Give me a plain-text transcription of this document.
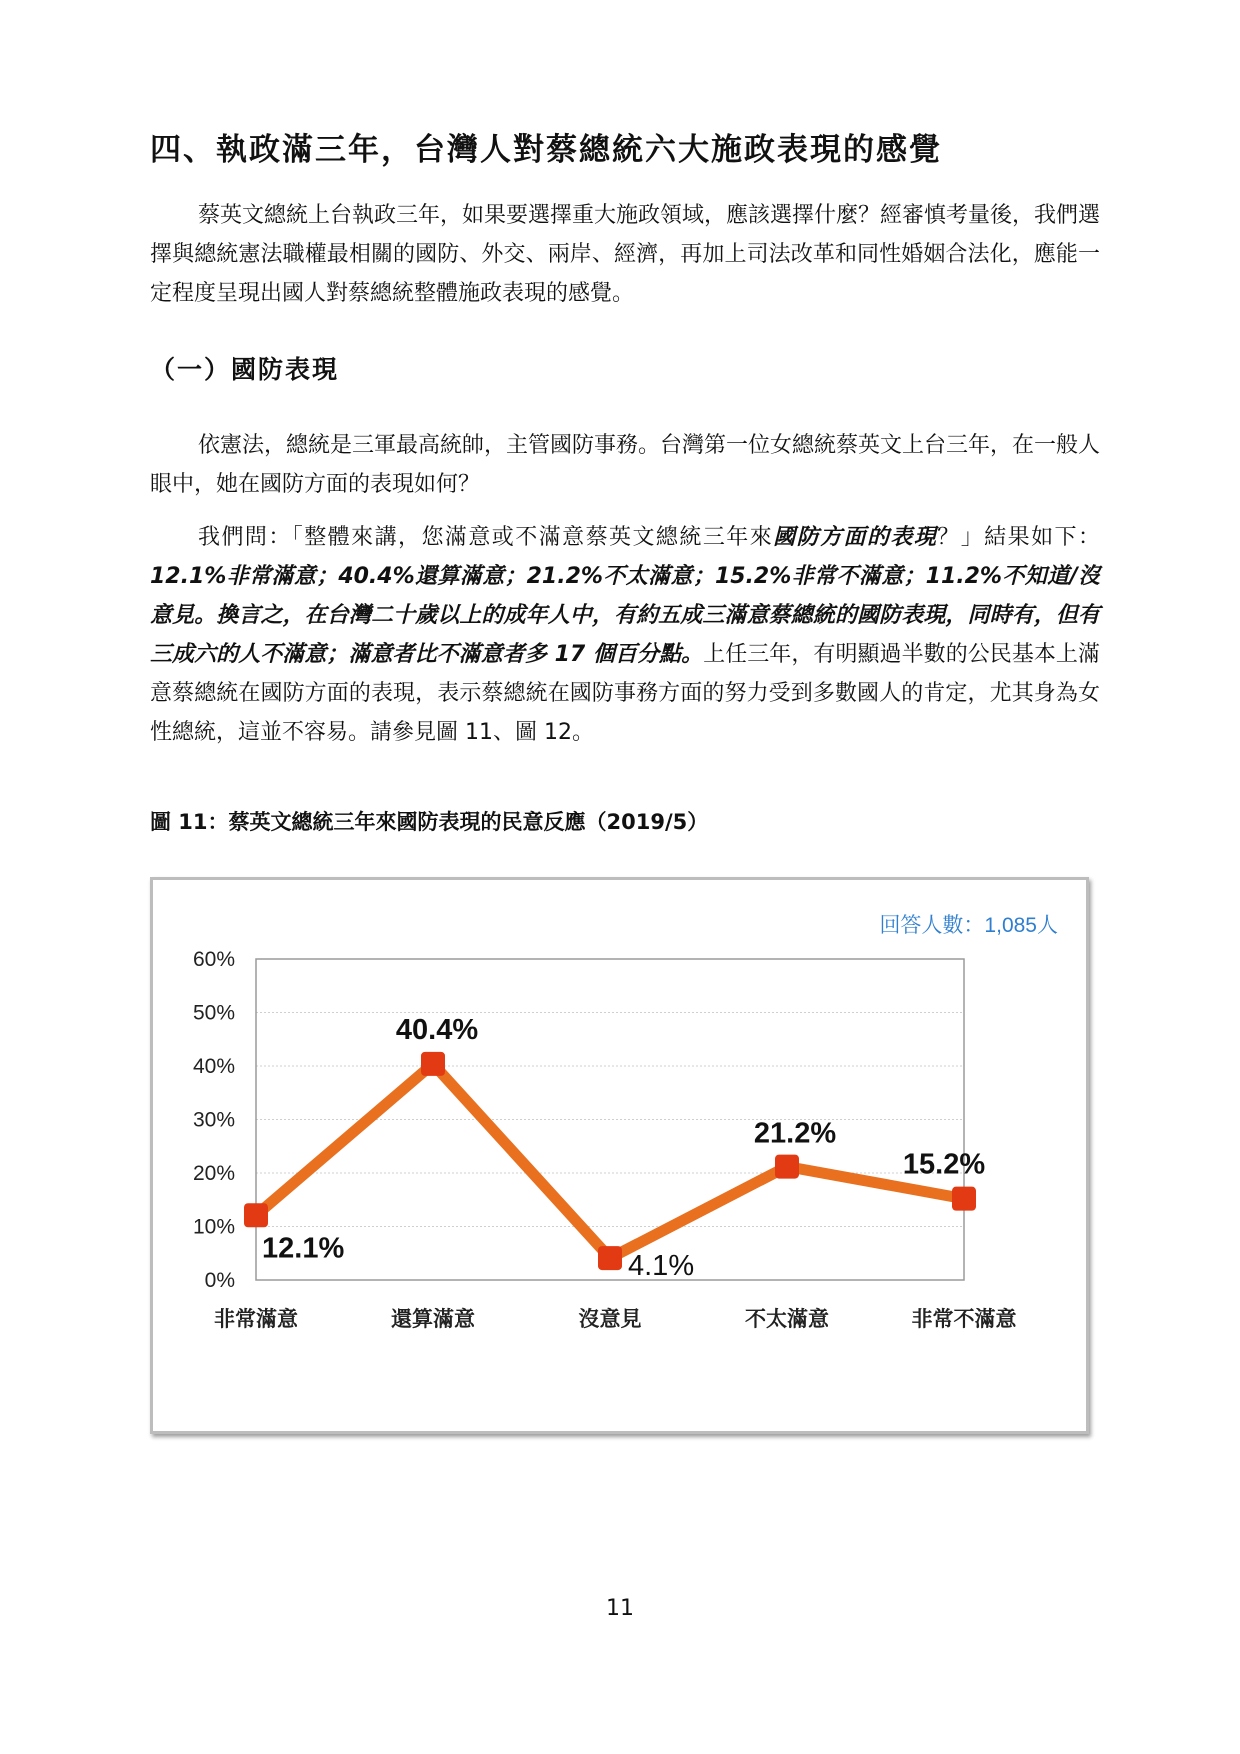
四、執政滿三年，台灣人對蔡總統六大施政表現的感覺

蔡英文總統上台執政三年，如果要選擇重大施政領域，應該選擇什麼？經審慎考量後，我們選擇與總統憲法職權最相關的國防、外交、兩岸、經濟，再加上司法改革和同性婚姻合法化，應能一定程度呈現出國人對蔡總統整體施政表現的感覺。

（一）國防表現

依憲法，總統是三軍最高統帥，主管國防事務。台灣第一位女總統蔡英文上台三年，在一般人眼中，她在國防方面的表現如何？

我們問：「整體來講，您滿意或不滿意蔡英文總統三年來國防方面的表現？」結果如下：12.1%非常滿意；40.4%還算滿意；21.2%不太滿意；15.2%非常不滿意；11.2%不知道/沒意見。換言之，在台灣二十歲以上的成年人中，有約五成三滿意蔡總統的國防表現，同時有，但有三成六的人不滿意；滿意者比不滿意者多 17 個百分點。上任三年，有明顯過半數的公民基本上滿意蔡總統在國防方面的表現，表示蔡總統在國防事務方面的努力受到多數國人的肯定，尤其身為女性總統，這並不容易。請參見圖 11、圖 12。

圖 11：蔡英文總統三年來國防表現的民意反應（2019/5）
0%
10%
20%
30%
40%
50%
60%
非常滿意	還算滿意	沒意見	不太滿意	非常不滿意
12.1%
40.4%
4.1%
21.2%
15.2%
回答人數：1,085人
11
